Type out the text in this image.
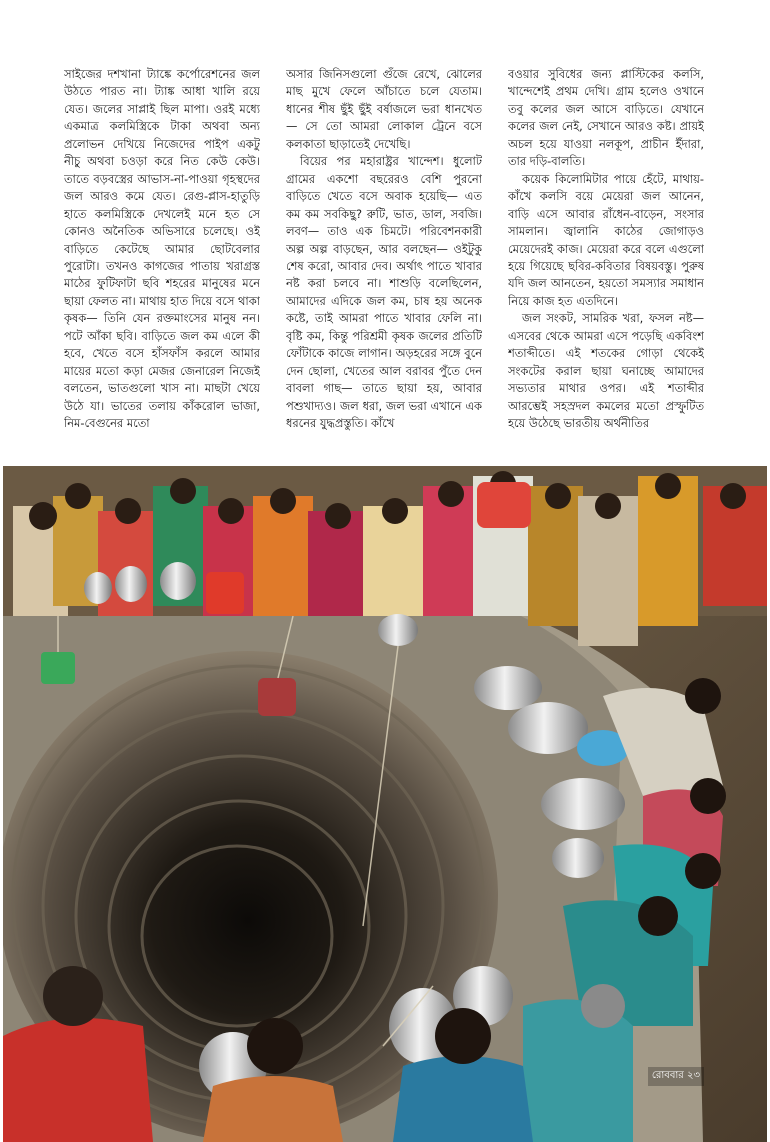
সাইজের দশখানা ট্যাঙ্কে কর্পোরেশনের জল উঠতে পারত না। ট্যাঙ্ক আধা খালি রয়ে যেত। জলের সাপ্লাই ছিল মাপা। ওরই মধ্যে একমাত্র কলমিস্ত্রিকে টাকা অথবা অন্য প্রলোভন দেখিয়ে নিজেদের পাইপ একটু নীচু অথবা চওড়া করে নিত কেউ কেউ। তাতে বড়বস্ত্রের আভাস-না-পাওয়া গৃহস্থদের জল আরও কমে যেত। রেগু-প্লাস-হাতুড়ি হাতে কলমিস্ত্রিকে দেখলেই মনে হত সে কোনও অনৈতিক অভিসারে চলেছে। ওই বাড়িতে কেটেছে আমার ছোটবেলার পুরোটা। তখনও কাগজের পাতায় খরাগ্রস্ত মাঠের ফুটিফাটা ছবি শহরের মানুষের মনে ছায়া ফেলত না। মাথায় হাত দিয়ে বসে থাকা কৃষক— তিনি যেন রক্তমাংসের মানুষ নন। পটে আঁকা ছবি। বাড়িতে জল কম এলে কী হবে, খেতে বসে হাঁসফাঁস করলে আমার মায়ের মতো কড়া মেজর জেনারেল নিজেই বলতেন, ভাতগুলো খাস না। মাছটা খেয়ে উঠে যা। ভাতের তলায় কাঁকরোল ভাজা, নিম-বেগুনের মতো

অসার জিনিসগুলো গুঁজে রেখে, ঝোলের মাছ মুখে ফেলে আঁচাতে চলে যেতাম। ধানের শীষ ছুঁই ছুঁই বর্ষাজলে ভরা ধানখেত— সে তো আমরা লোকাল ট্রেনে বসে কলকাতা ছাড়াতেই দেখেছি।

বিয়ের পর মহারাষ্ট্রর খান্দেশ। ধুলোট গ্রামের একশো বছরেরও বেশি পুরনো বাড়িতে খেতে বসে অবাক হয়েছি— এত কম কম সবকিছু? রুটি, ভাত, ডাল, সবজি। লবণ— তাও এক চিমটে। পরিবেশনকারী অল্প অল্প বাড়ছেন, আর বলছেন— ওইটুকু শেষ করো, আবার দেব। অর্থাৎ পাতে খাবার নষ্ট করা চলবে না। শাশুড়ি বলেছিলেন, আমাদের এদিকে জল কম, চাষ হয় অনেক কষ্টে, তাই আমরা পাতে খাবার ফেলি না। বৃষ্টি কম, কিন্তু পরিশ্রমী কৃষক জলের প্রতিটি ফোঁটাকে কাজে লাগান। অড়হরের সঙ্গে বুনে দেন ছোলা, খেতের আল বরাবর পুঁতে দেন বাবলা গাছ— তাতে ছায়া হয়, আবার পশুখাদ্যও। জল ধরা, জল ভরা এখানে এক ধরনের যুদ্ধপ্রস্তুতি। কাঁখে

বওয়ার সুবিধের জন্য প্লাস্টিকের কলসি, খান্দেশেই প্রথম দেখি। গ্রাম হলেও ওখানে তবু কলের জল আসে বাড়িতে। যেখানে কলের জল নেই, সেখানে আরও কষ্ট। প্রায়ই অচল হয়ে যাওয়া নলকূপ, প্রাচীন ইঁদারা, তার দড়ি-বালতি।

কয়েক কিলোমিটার পায়ে হেঁটে, মাথায়-কাঁখে কলসি বয়ে মেয়েরা জল আনেন, বাড়ি এসে আবার রাঁধেন-বাড়েন, সংসার সামলান। জ্বালানি কাঠের জোগাড়ও মেয়েদেরই কাজ। মেয়েরা করে বলে এগুলো হয়ে গিয়েছে ছবির-কবিতার বিষয়বস্তু। পুরুষ যদি জল আনতেন, হয়তো সমস্যার সমাধান নিয়ে কাজ হত এতদিনে।

জল সংকট, সামরিক খরা, ফসল নষ্ট— এসবের থেকে আমরা এসে পড়েছি একবিংশ শতাব্দীতে। এই শতকের গোড়া থেকেই সংকটের করাল ছায়া ঘনাচ্ছে আমাদের সভ্যতার মাথার ওপর। এই শতাব্দীর আরম্ভেই সহস্রদল কমলের মতো প্রস্ফুটিত হয়ে উঠেছে ভারতীয় অর্থনীতির

রোববার ২৩
